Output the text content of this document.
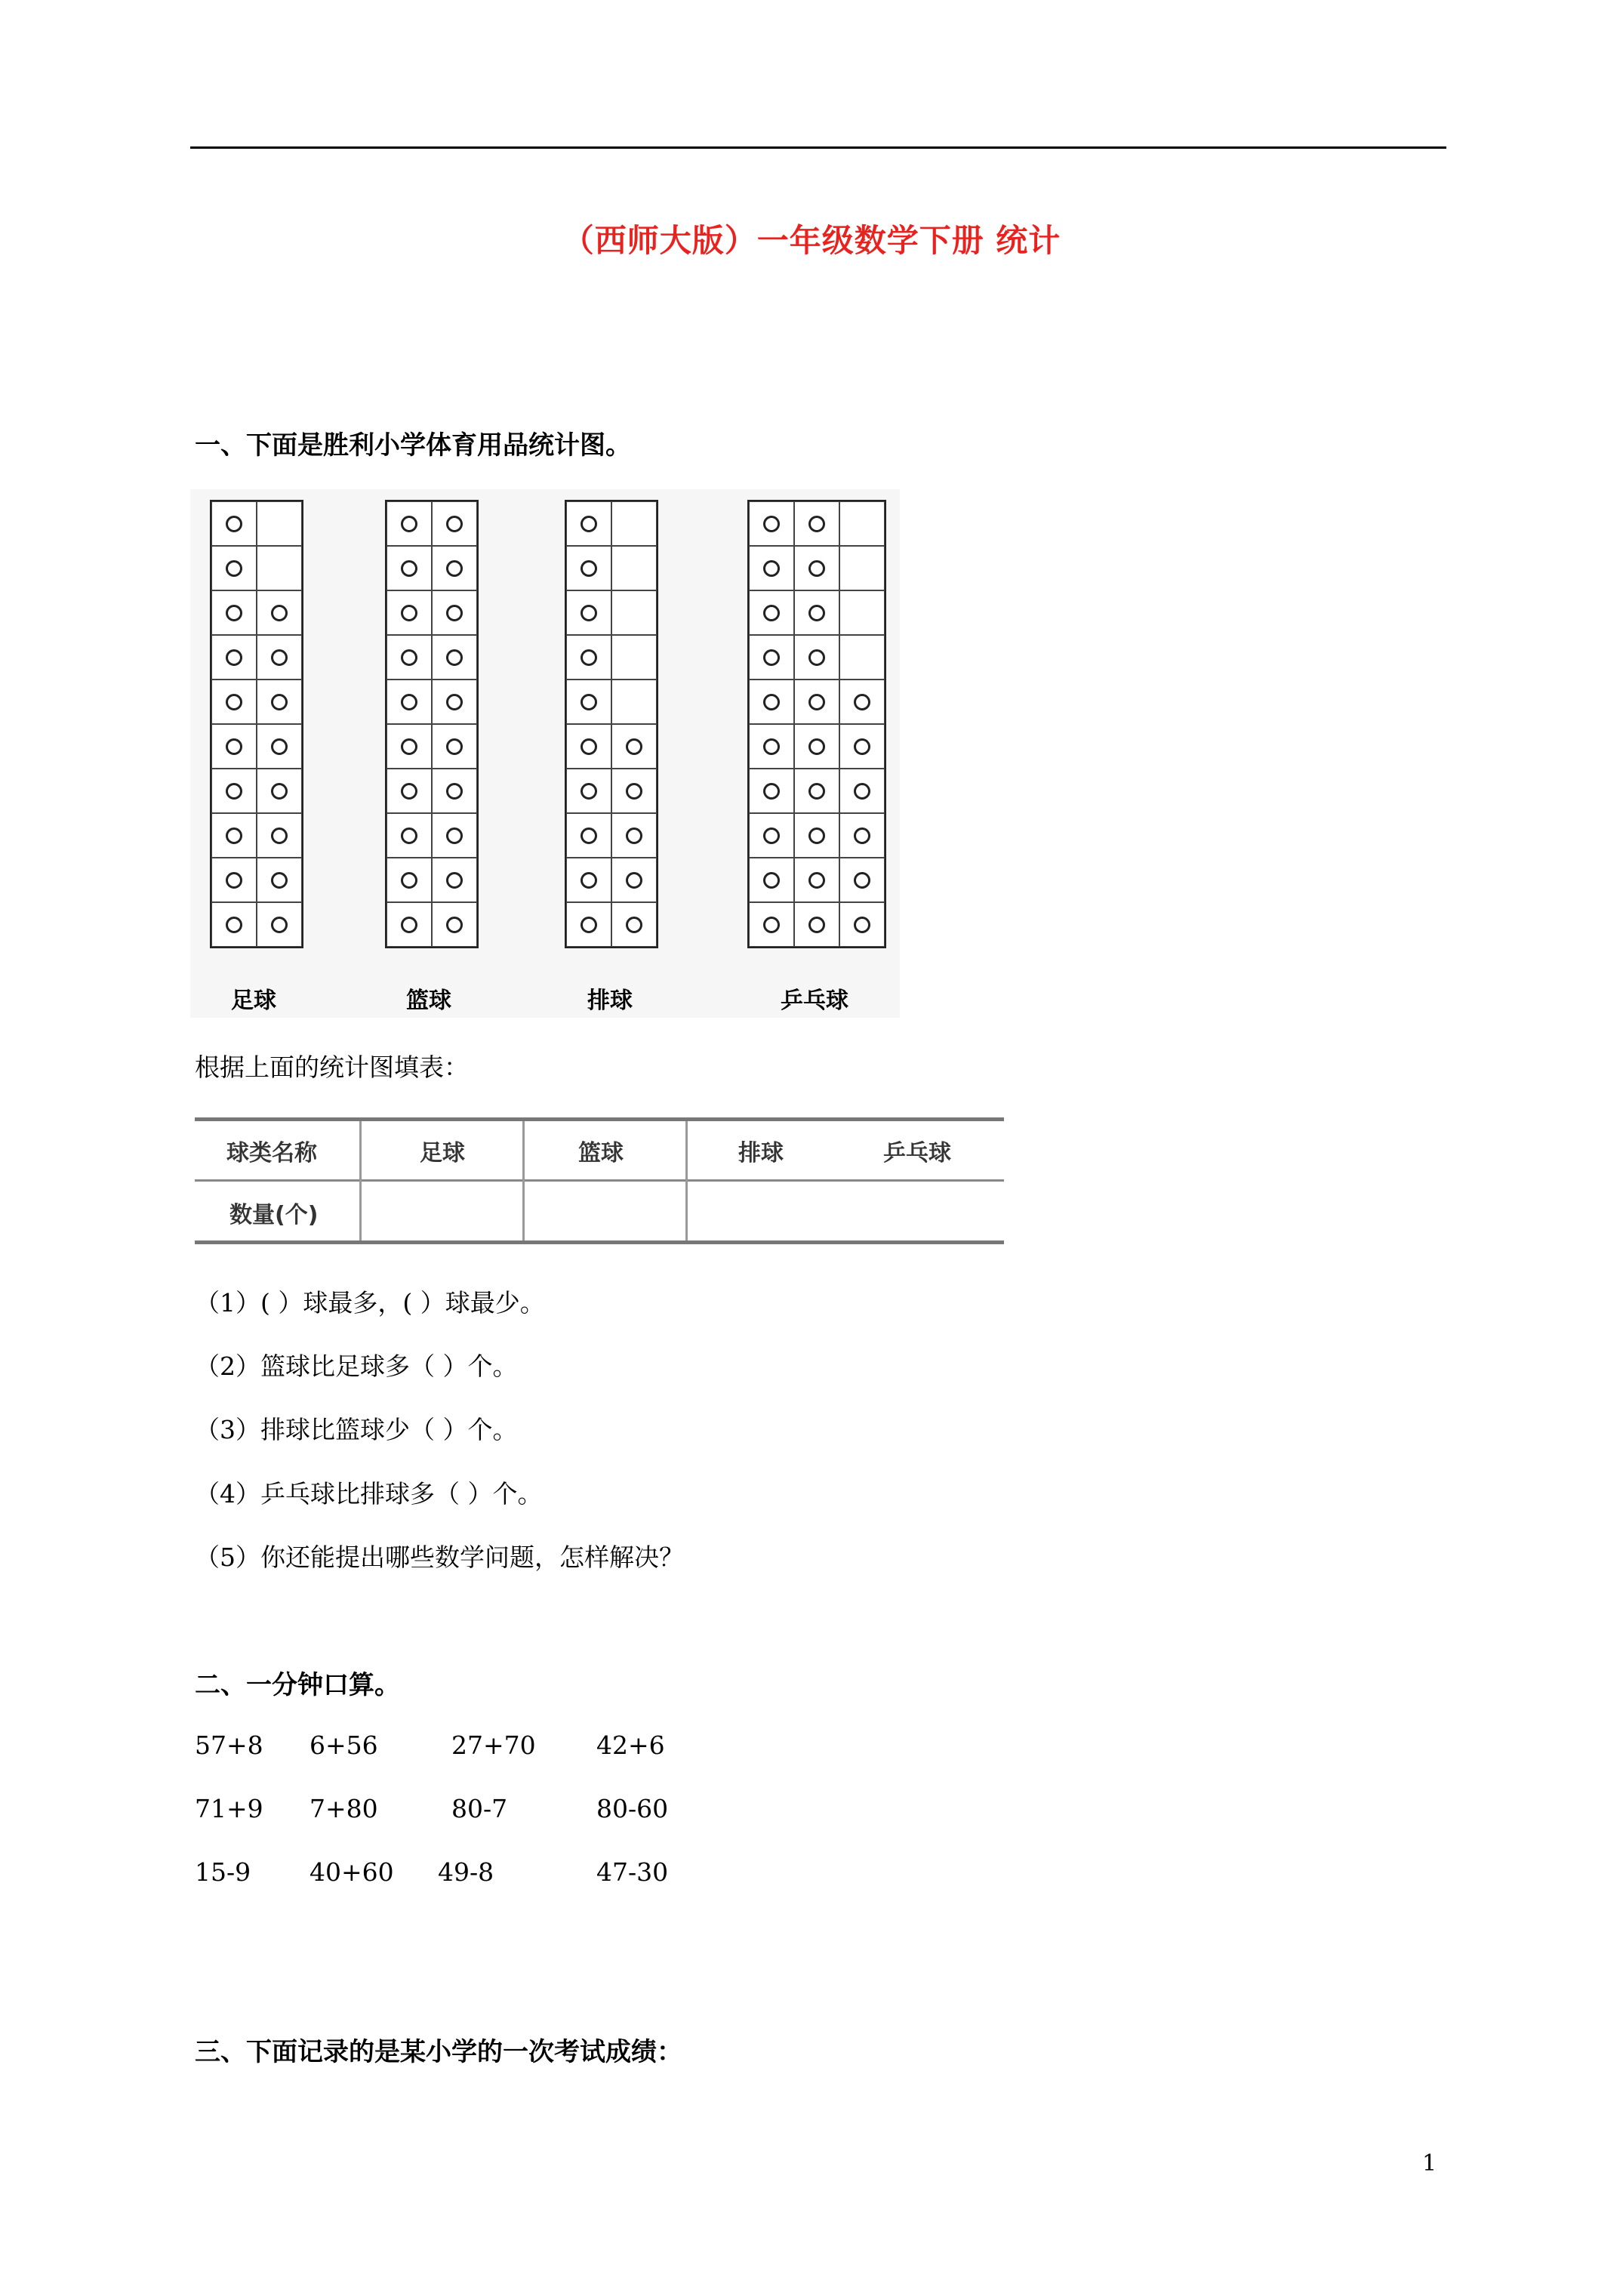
（西师大版）一年级数学下册 统计
一、下面是胜利小学体育用品统计图。
足球	篮球	排球	乒乓球
根据上面的统计图填表：
球类名称	足球	篮球	排球	乒乓球
数量(个)
（1）( ）球最多，( ）球最少。
（2）篮球比足球多（ ）个。
（3）排球比篮球少（ ）个。
（4）乒乓球比排球多（ ）个。
（5）你还能提出哪些数学问题，怎样解决？
二、一分钟口算。
57+8 6+56	27+70 42+6
71+9 7+80	80-7	80-60
15-9 40+60 49-8	47-30
三、下面记录的是某小学的一次考试成绩：
1
